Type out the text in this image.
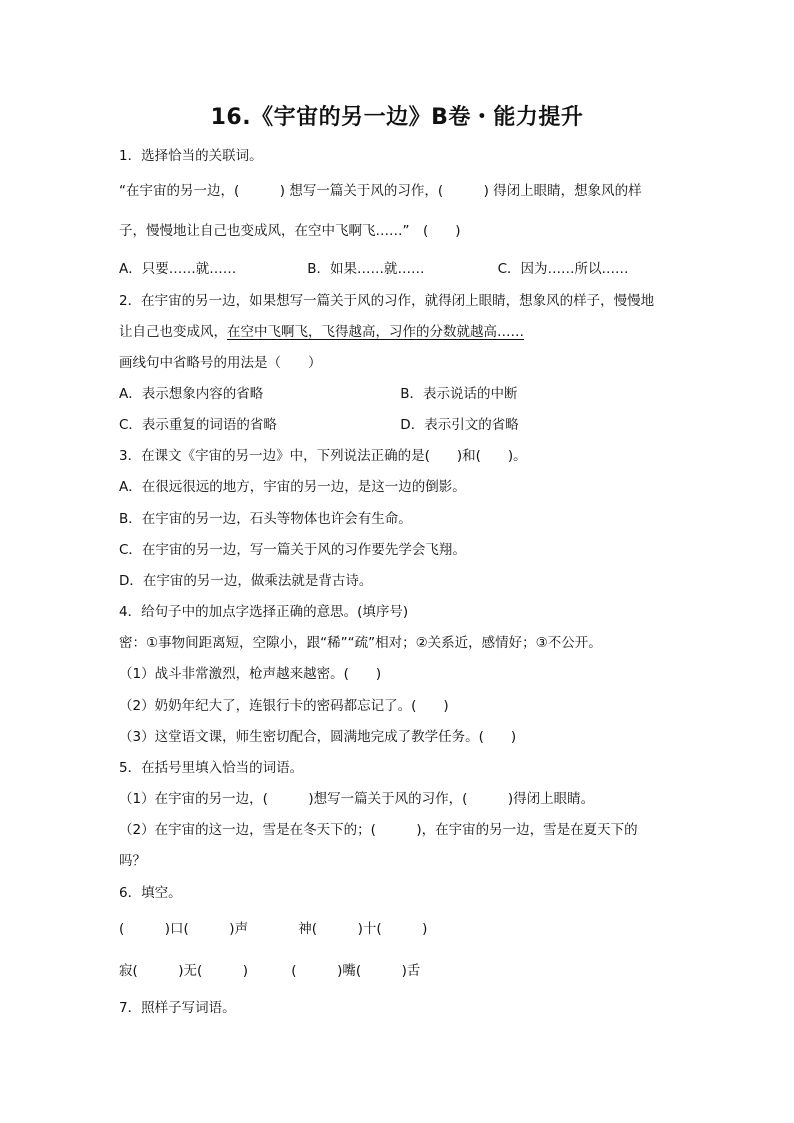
16.《宇宙的另一边》B卷・能力提升
1．选择恰当的关联词。
“在宇宙的另一边，(　　　) 想写一篇关于风的习作，(　　　) 得闭上眼睛，想象风的样
子，慢慢地让自己也变成风，在空中飞啊飞……”　(　　)
A．只要……就……	B．如果……就……	C．因为……所以……
2．在宇宙的另一边，如果想写一篇关于风的习作，就得闭上眼睛，想象风的样子，慢慢地
让自己也变成风，在空中飞啊飞，飞得越高，习作的分数就越高……
画线句中省略号的用法是（　　）
A．表示想象内容的省略	B．表示说话的中断
C．表示重复的词语的省略	D．表示引文的省略
3．在课文《宇宙的另一边》中，下列说法正确的是(　　)和(　　)。
A．在很远很远的地方，宇宙的另一边，是这一边的倒影。
B．在宇宙的另一边，石头等物体也许会有生命。
C．在宇宙的另一边，写一篇关于风的习作要先学会飞翔。
D．在宇宙的另一边，做乘法就是背古诗。
4．给句子中的加点字选择正确的意思。(填序号)
密：①事物间距离短，空隙小，跟“稀”“疏”相对；②关系近，感情好；③不公开。
（1）战斗非常激烈，枪声越来越密。(　　)
（2）奶奶年纪大了，连银行卡的密码都忘记了。(　　)
（3）这堂语文课，师生密切配合，圆满地完成了教学任务。(　　)
5．在括号里填入恰当的词语。
（1）在宇宙的另一边，(　　　)想写一篇关于风的习作，(　　　)得闭上眼睛。
（2）在宇宙的这一边，雪是在冬天下的；(　　　)，在宇宙的另一边，雪是在夏天下的
吗？
6．填空。
(　　　)口(　　　)声	神(　　　)十(　　　)
寂(　　　)无(　　　)	(　　　)嘴(　　　)舌
7．照样子写词语。
